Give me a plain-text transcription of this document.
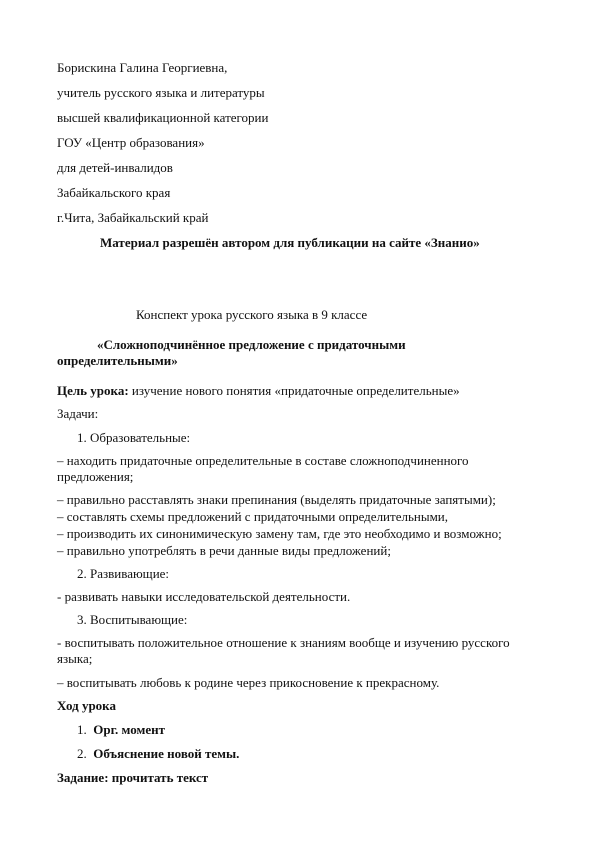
Борискина Галина Георгиевна,
учитель русского языка и литературы
высшей квалификационной категории
ГОУ «Центр образования»
для детей-инвалидов
Забайкальского края
г.Чита, Забайкальский край
Материал разрешён автором для публикации на сайте «Знанио»
Конспект урока русского языка в 9 классе
«Сложноподчинённое предложение с придаточными определительными»
Цель урока: изучение нового понятия «придаточные определительные»
Задачи:
1. Образовательные:
– находить придаточные определительные в составе сложноподчиненного предложения;
– правильно расставлять знаки препинания (выделять придаточные запятыми);
– составлять схемы предложений с придаточными определительными,
– производить их синонимическую замену там, где это необходимо и возможно;
– правильно употреблять в речи данные виды предложений;
2. Развивающие:
- развивать навыки исследовательской деятельности.
3. Воспитывающие:
- воспитывать положительное отношение к знаниям вообще и изучению русского языка;
– воспитывать любовь к родине через прикосновение к прекрасному.
Ход урока
1. Орг. момент
2. Объяснение новой темы.
Задание: прочитать текст
